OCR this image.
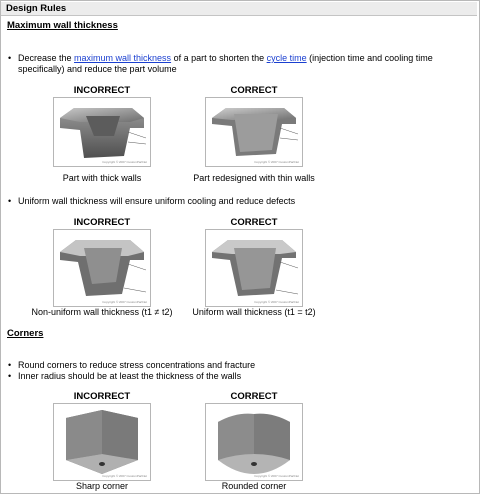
Design Rules
Maximum wall thickness
• Decrease the maximum wall thickness of a part to shorten the cycle time (injection time and cooling time specifically) and reduce the part volume
INCORRECT
Copyright © 2007 CustomPartNet
Part with thick walls
CORRECT
Copyright © 2007 CustomPartNet
Part redesigned with thin walls
• Uniform wall thickness will ensure uniform cooling and reduce defects
INCORRECT
Copyright © 2007 CustomPartNet
Non-uniform wall thickness (t1 ≠ t2)
CORRECT
Copyright © 2007 CustomPartNet
Uniform wall thickness (t1 = t2)
Corners
• Round corners to reduce stress concentrations and fracture
• Inner radius should be at least the thickness of the walls
INCORRECT
Copyright © 2007 CustomPartNet
Sharp corner
CORRECT
Copyright © 2007 CustomPartNet
Rounded corner
